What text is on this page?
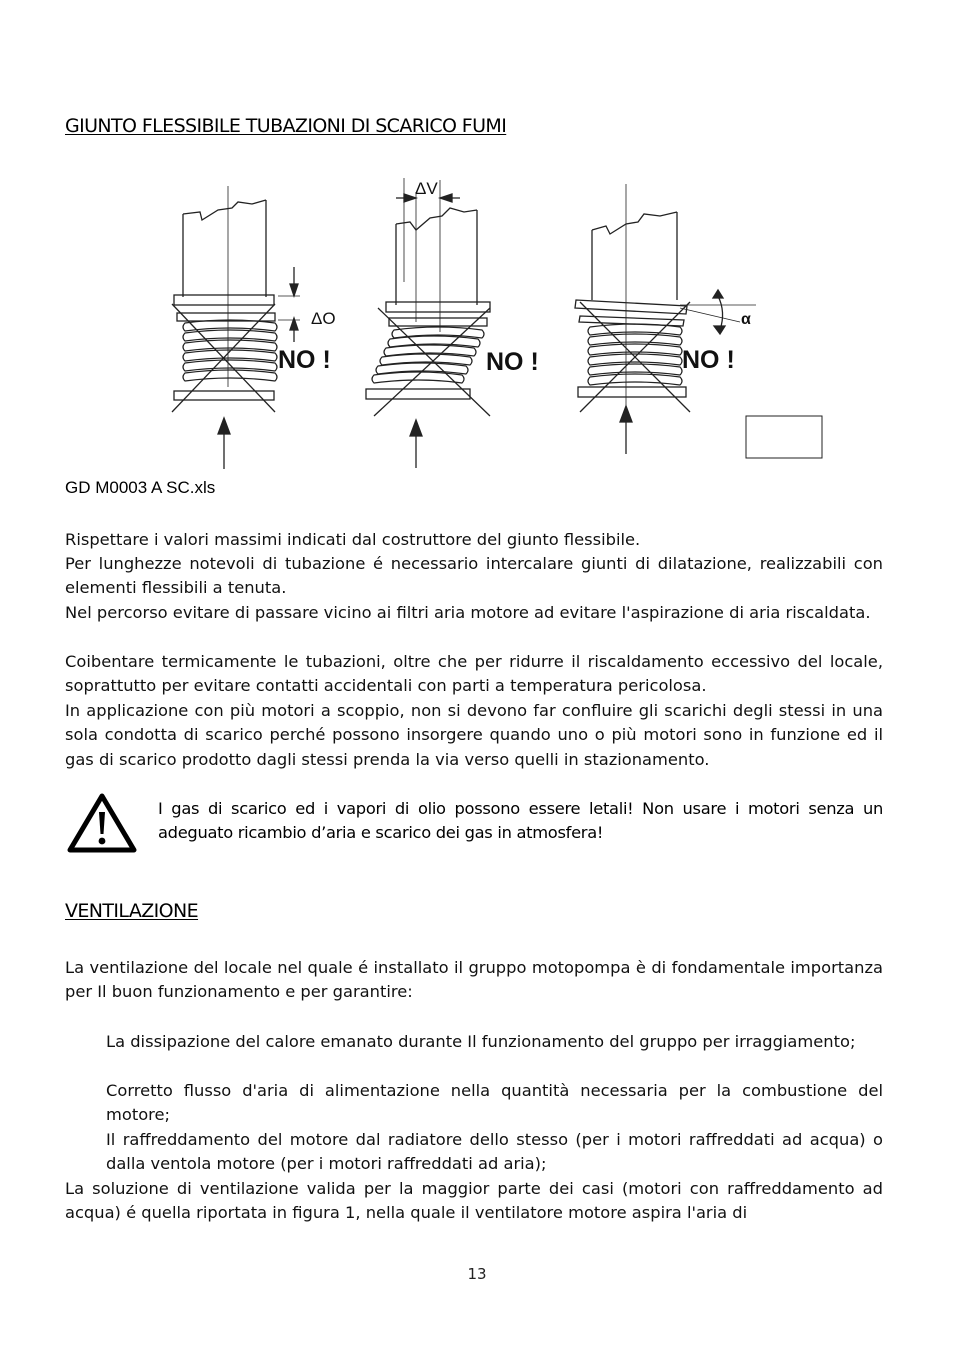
GIUNTO FLESSIBILE TUBAZIONI DI SCARICO FUMI
ΔO
ΔV
α
NO !	NO !	NO !

GD M0003 A SC.xls

Rispettare i valori massimi indicati dal costruttore del giunto flessibile.

Per lunghezze notevoli di tubazione é necessario intercalare giunti di dilatazione, realizzabili con elementi flessibili a tenuta.

Nel percorso evitare di passare vicino ai filtri aria motore ad evitare l'aspirazione di aria riscaldata.

Coibentare termicamente le tubazioni, oltre che per ridurre il riscaldamento eccessivo del locale, soprattutto per evitare contatti accidentali con parti a temperatura pericolosa.

In applicazione con più motori a scoppio, non si devono far confluire gli scarichi degli stessi in una sola condotta di scarico perché possono insorgere quando uno o più motori sono in funzione ed il gas di scarico prodotto dagli stessi prenda la via verso quelli in stazionamento.

I gas di scarico ed i vapori di olio possono essere letali! Non usare i motori senza un adeguato ricambio d’aria e scarico dei gas in atmosfera!

VENTILAZIONE

La ventilazione del locale nel quale é installato il gruppo motopompa è di fondamentale importanza per Il buon funzionamento e per garantire:

La dissipazione del calore emanato durante Il funzionamento del gruppo per irraggiamento;

Corretto flusso d'aria di alimentazione nella quantità necessaria per la combustione del motore;

Il raffreddamento del motore dal radiatore dello stesso (per i motori raffreddati ad acqua) o dalla ventola motore (per i motori raffreddati ad aria);

La soluzione di ventilazione valida per la maggior parte dei casi (motori con raffreddamento ad acqua) é quella riportata in figura 1, nella quale il ventilatore motore aspira l'aria di

13
